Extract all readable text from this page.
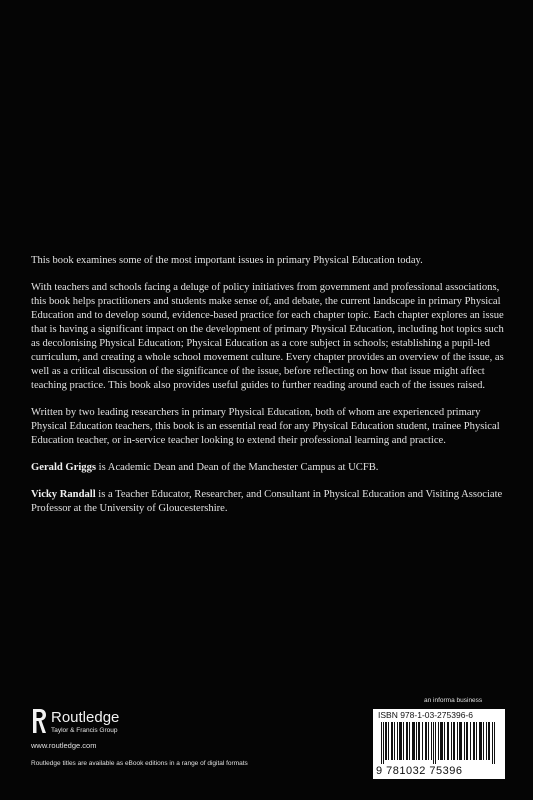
This book examines some of the most important issues in primary Physical Education today.

With teachers and schools facing a deluge of policy initiatives from government and professional associations, this book helps practitioners and students make sense of, and debate, the current landscape in primary Physical Education and to develop sound, evidence-based practice for each chapter topic. Each chapter explores an issue that is having a significant impact on the development of primary Physical Education, including hot topics such as decolonising Physical Education; Physical Education as a core subject in schools; establishing a pupil-led curriculum, and creating a whole school movement culture. Every chapter provides an overview of the issue, as well as a critical discussion of the significance of the issue, before reflecting on how that issue might affect teaching practice. This book also provides useful guides to further reading around each of the issues raised.

Written by two leading researchers in primary Physical Education, both of whom are experienced primary Physical Education teachers, this book is an essential read for any Physical Education student, trainee Physical Education teacher, or in-service teacher looking to extend their professional learning and practice.

Gerald Griggs is Academic Dean and Dean of the Manchester Campus at UCFB.

Vicky Randall is a Teacher Educator, Researcher, and Consultant in Physical Education and Visiting Associate Professor at the University of Gloucestershire.

an informa business
ISBN 978-1-03-275396-6
9 781032 75396
Routledge
Taylor & Francis Group
www.routledge.com
Routledge titles are available as eBook editions in a range of digital formats
